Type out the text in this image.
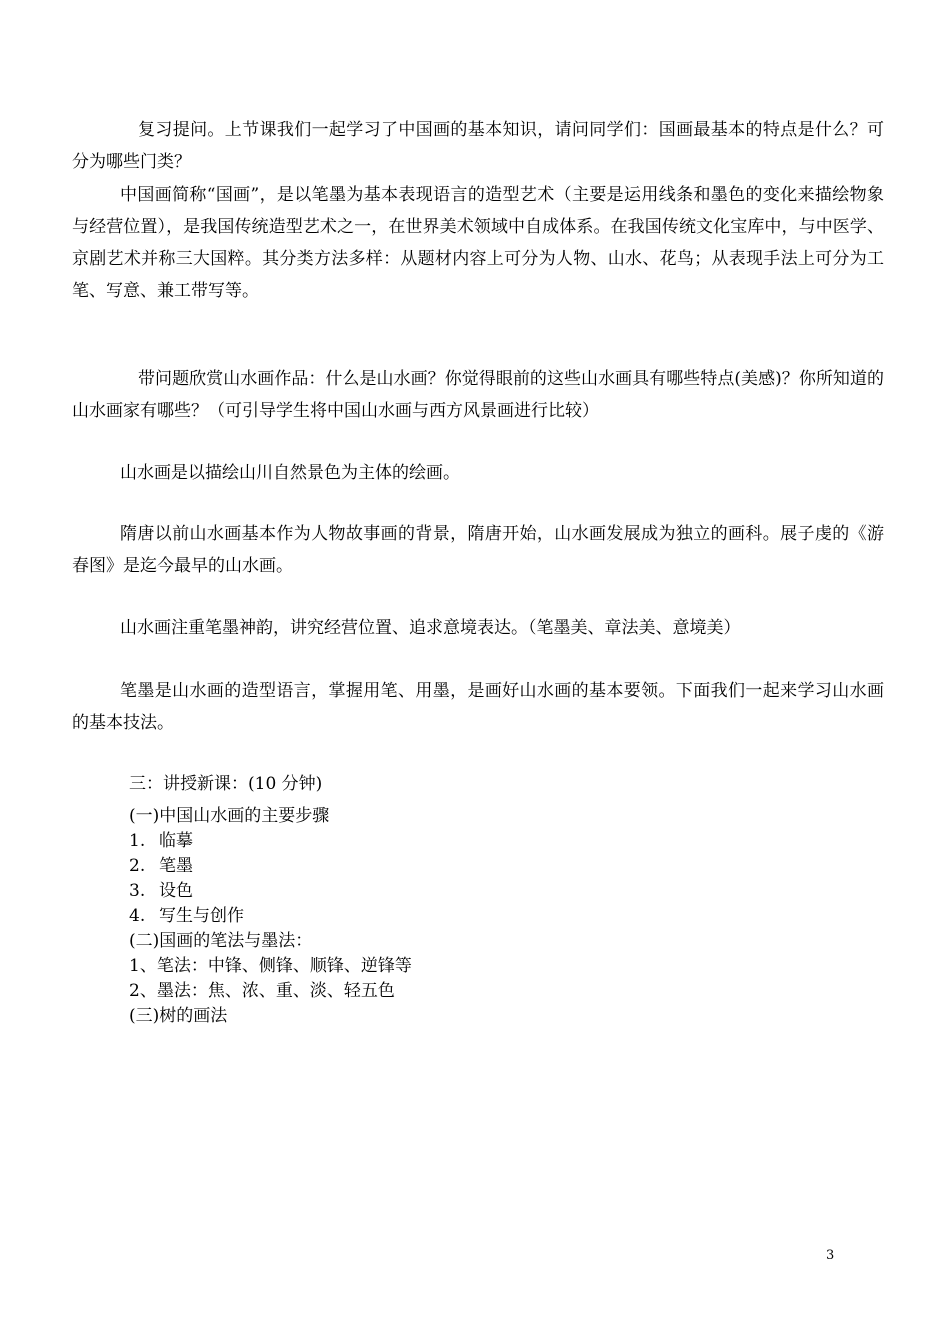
复习提问。上节课我们一起学习了中国画的基本知识，请问同学们：国画最基本的特点是什么？可分为哪些门类？

中国画简称“国画”，是以笔墨为基本表现语言的造型艺术（主要是运用线条和墨色的变化来描绘物象与经营位置），是我国传统造型艺术之一，在世界美术领域中自成体系。在我国传统文化宝库中，与中医学、京剧艺术并称三大国粹。其分类方法多样：从题材内容上可分为人物、山水、花鸟；从表现手法上可分为工笔、写意、兼工带写等。

带问题欣赏山水画作品：什么是山水画？你觉得眼前的这些山水画具有哪些特点(美感)？你所知道的山水画家有哪些？（可引导学生将中国山水画与西方风景画进行比较）

山水画是以描绘山川自然景色为主体的绘画。

隋唐以前山水画基本作为人物故事画的背景，隋唐开始，山水画发展成为独立的画科。展子虔的《游春图》是迄今最早的山水画。

山水画注重笔墨神韵，讲究经营位置、追求意境表达。（笔墨美、章法美、意境美）

笔墨是山水画的造型语言，掌握用笔、用墨，是画好山水画的基本要领。下面我们一起来学习山水画的基本技法。

三：讲授新课：(10 分钟)
(一)中国山水画的主要步骤
1. 临摹
2. 笔墨
3. 设色
4. 写生与创作
(二)国画的笔法与墨法：
1、笔法：中锋、侧锋、顺锋、逆锋等
2、墨法：焦、浓、重、淡、轻五色
(三)树的画法
3
